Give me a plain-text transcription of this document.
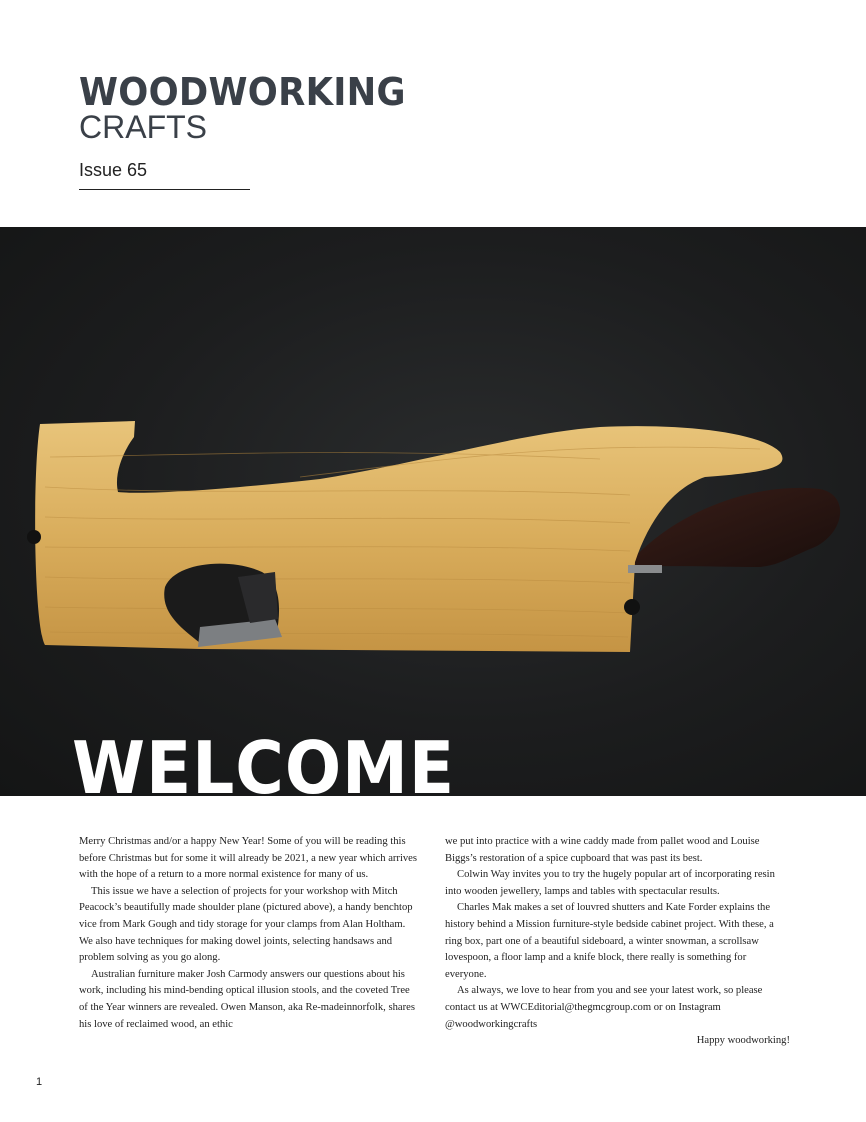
WOODWORKING
CRAFTS
Issue 65
WELCOME

Merry Christmas and/or a happy New Year! Some of you will be reading this before Christmas but for some it will already be 2021, a new year which arrives with the hope of a return to a more normal existence for many of us.

This issue we have a selection of projects for your workshop with Mitch Peacock’s beautifully made shoulder plane (pictured above), a handy benchtop vice from Mark Gough and tidy storage for your clamps from Alan Holtham. We also have techniques for making dowel joints, selecting handsaws and problem solving as you go along.

Australian furniture maker Josh Carmody answers our questions about his work, including his mind-bending optical illusion stools, and the coveted Tree of the Year winners are revealed. Owen Manson, aka Re-madeinnorfolk, shares his love of reclaimed wood, an ethic

we put into practice with a wine caddy made from pallet wood and Louise Biggs’s restoration of a spice cupboard that was past its best.

Colwin Way invites you to try the hugely popular art of incorporating resin into wooden jewellery, lamps and tables with spectacular results.

Charles Mak makes a set of louvred shutters and Kate Forder explains the history behind a Mission furniture-style bedside cabinet project. With these, a ring box, part one of a beautiful sideboard, a winter snowman, a scrollsaw lovespoon, a floor lamp and a knife block, there really is something for everyone.

As always, we love to hear from you and see your latest work, so please contact us at WWCEditorial@thegmcgroup.com or on Instagram @woodworkingcrafts

Happy woodworking!

1
